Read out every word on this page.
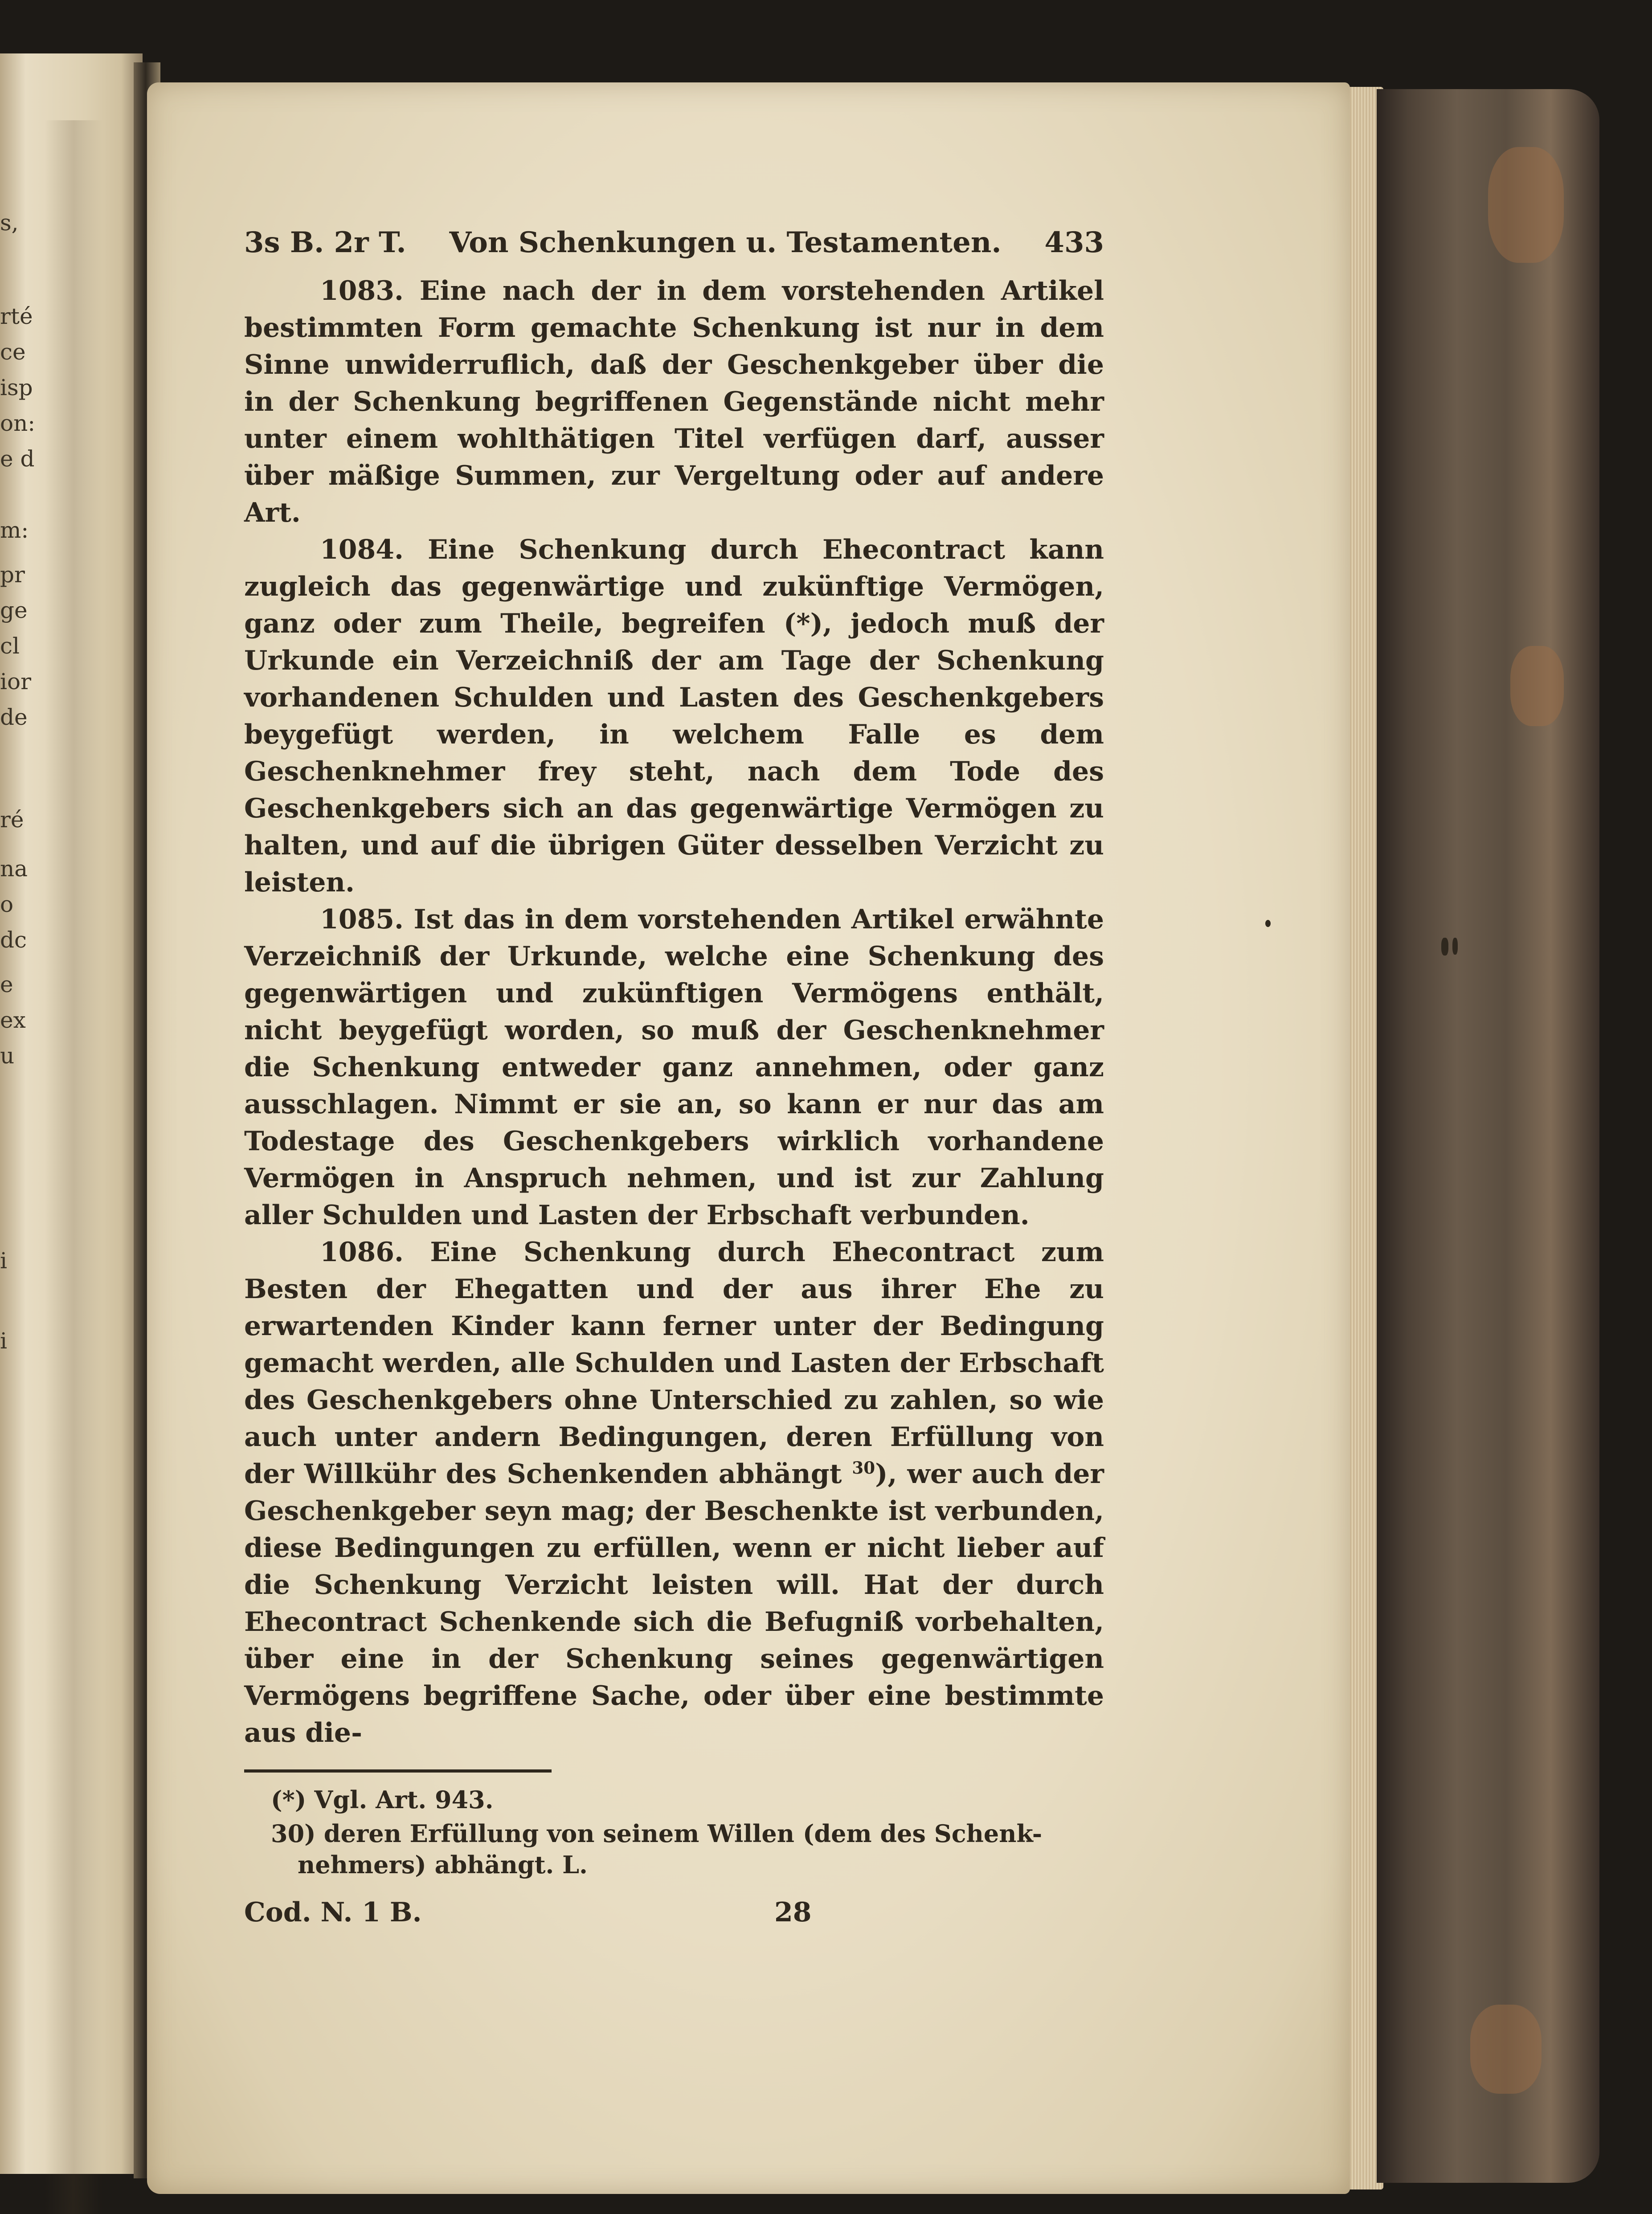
s,
rté
ce
isp
on:
e d
m:
pr
ge
cl
ior
de
ré
na
o
dc
e
ex
u
i
i
3s B. 2r T.	Von Schenkungen u. Testamenten.	433

1083. Eine nach der in dem vorstehenden Artikel bestimmten Form gemachte Schenkung ist nur in dem Sinne unwiderruflich, daß der Geschenkgeber über die in der Schenkung begriffenen Gegenstände nicht mehr unter einem wohlthätigen Titel verfügen darf, ausser über mäßige Summen, zur Vergeltung oder auf andere Art.

1084. Eine Schenkung durch Ehecontract kann zugleich das gegenwärtige und zukünftige Vermögen, ganz oder zum Theile, begreifen (*), jedoch muß der Urkunde ein Verzeichniß der am Tage der Schenkung vorhandenen Schulden und Lasten des Geschenkgebers beygefügt werden, in welchem Falle es dem Geschenknehmer frey steht, nach dem Tode des Geschenkgebers sich an das gegenwärtige Vermögen zu halten, und auf die übrigen Güter desselben Verzicht zu leisten.

1085. Ist das in dem vorstehenden Artikel erwähnte Verzeichniß der Urkunde, welche eine Schenkung des gegenwärtigen und zukünftigen Vermögens enthält, nicht beygefügt worden, so muß der Geschenknehmer die Schenkung entweder ganz annehmen, oder ganz ausschlagen. Nimmt er sie an, so kann er nur das am Todestage des Geschenkgebers wirklich vorhandene Vermögen in Anspruch nehmen, und ist zur Zahlung aller Schulden und Lasten der Erbschaft verbunden.

1086. Eine Schenkung durch Ehecontract zum Besten der Ehegatten und der aus ihrer Ehe zu erwartenden Kinder kann ferner unter der Bedingung gemacht werden, alle Schulden und Lasten der Erbschaft des Geschenkgebers ohne Unterschied zu zahlen, so wie auch unter andern Bedingungen, deren Erfüllung von der Willkühr des Schenkenden abhängt $^{30}$), wer auch der Geschenkgeber seyn mag; der Beschenkte ist verbunden, diese Bedingungen zu erfüllen, wenn er nicht lieber auf die Schenkung Verzicht leisten will. Hat der durch Ehecontract Schenkende sich die Befugniß vorbehalten, über eine in der Schenkung seines gegenwärtigen Vermögens begriffene Sache, oder über eine bestimmte aus die-

(*) Vgl. Art. 943.
30) deren Erfüllung von seinem Willen (dem des Schenk-
nehmers) abhängt. L.
Cod. N. 1 B.	28
